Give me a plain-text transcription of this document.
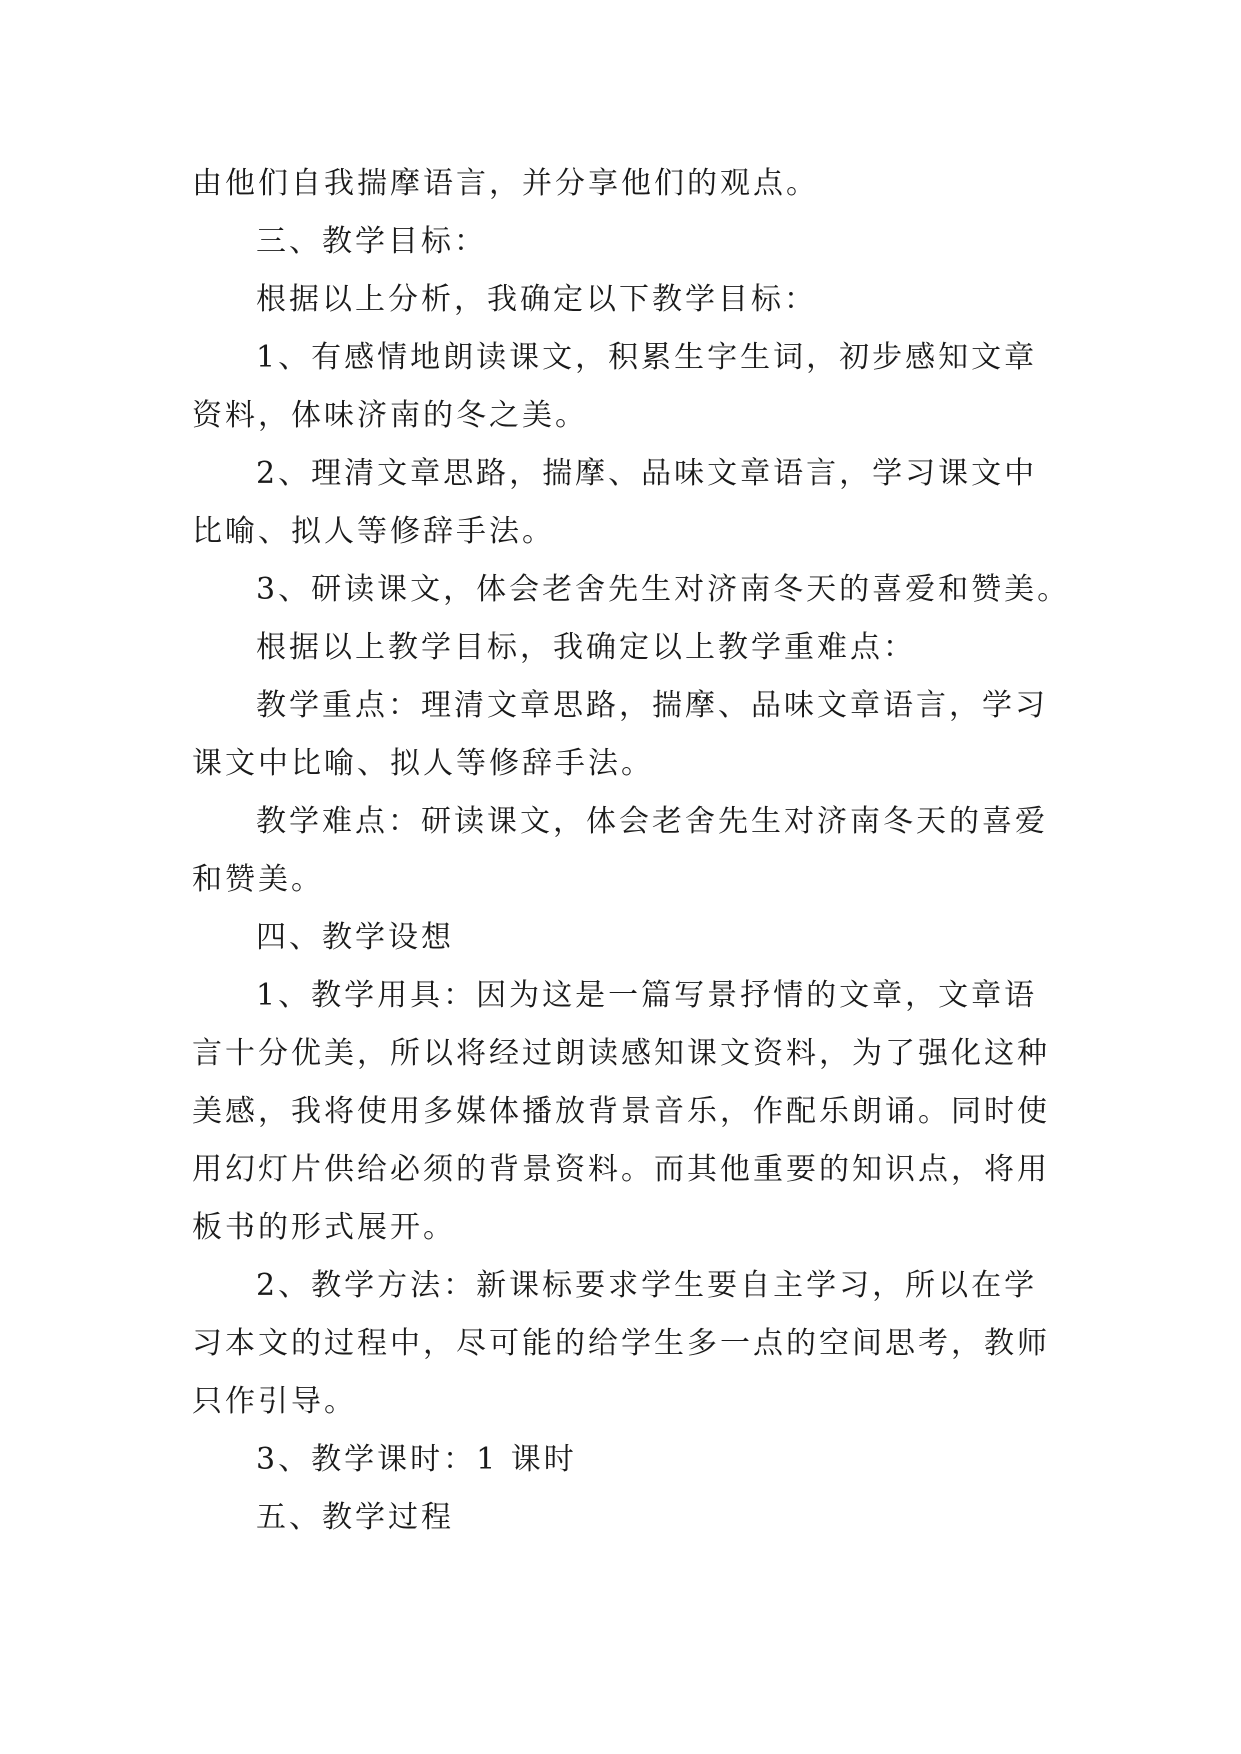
由他们自我揣摩语言，并分享他们的观点。
三、教学目标：
根据以上分析，我确定以下教学目标：
1、有感情地朗读课文，积累生字生词，初步感知文章
资料，体味济南的冬之美。
2、理清文章思路，揣摩、品味文章语言，学习课文中
比喻、拟人等修辞手法。
3、研读课文，体会老舍先生对济南冬天的喜爱和赞美。
根据以上教学目标，我确定以上教学重难点：
教学重点：理清文章思路，揣摩、品味文章语言，学习
课文中比喻、拟人等修辞手法。
教学难点：研读课文，体会老舍先生对济南冬天的喜爱
和赞美。
四、教学设想
1、教学用具：因为这是一篇写景抒情的文章，文章语
言十分优美，所以将经过朗读感知课文资料，为了强化这种
美感，我将使用多媒体播放背景音乐，作配乐朗诵。同时使
用幻灯片供给必须的背景资料。而其他重要的知识点，将用
板书的形式展开。
2、教学方法：新课标要求学生要自主学习，所以在学
习本文的过程中，尽可能的给学生多一点的空间思考，教师
只作引导。
3、教学课时：1 课时
五、教学过程
